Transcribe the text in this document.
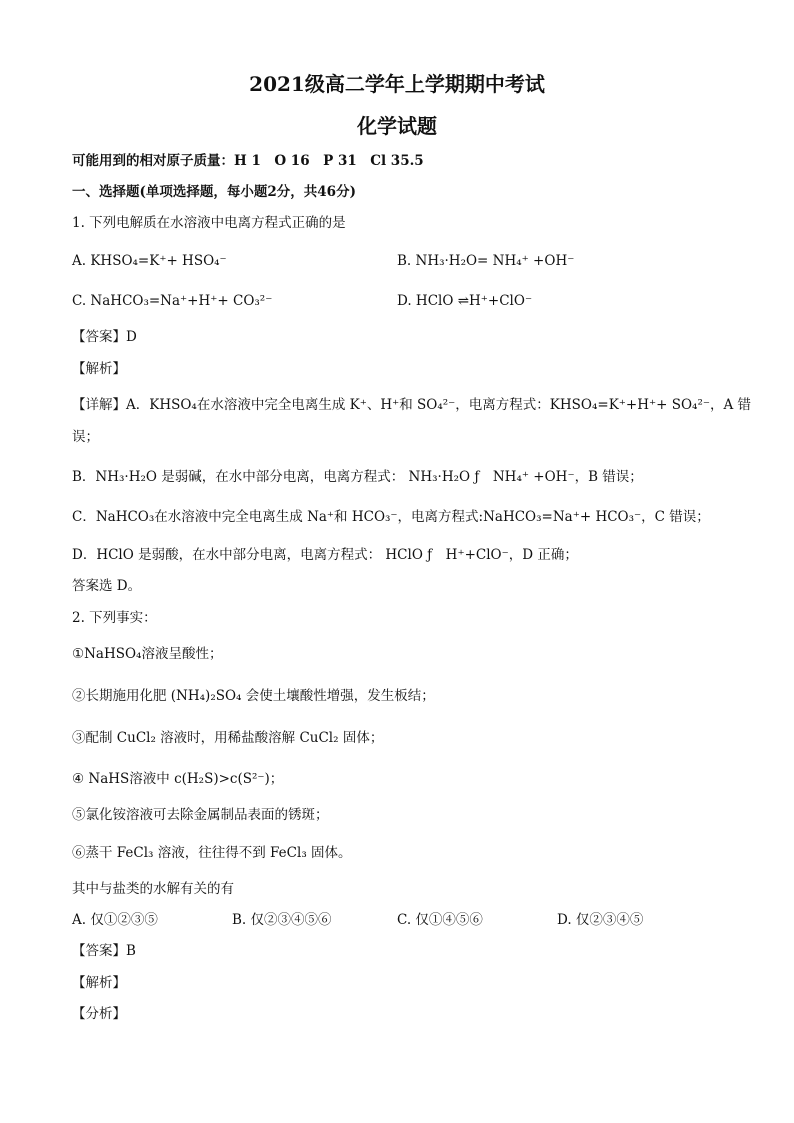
2021级高二学年上学期期中考试
化学试题
可能用到的相对原子质量：H 1　O 16　P 31　Cl 35.5
一、选择题(单项选择题，每小题2分，共46分)
1. 下列电解质在水溶液中电离方程式正确的是
A. KHSO₄=K⁺+ HSO₄⁻	B. NH₃·H₂O= NH₄⁺ +OH⁻
C. NaHCO₃=Na⁺+H⁺+ CO₃²⁻	D. HClO ⇌H⁺+ClO⁻
【答案】D
【解析】
【详解】A．KHSO₄在水溶液中完全电离生成 K⁺、H⁺和 SO₄²⁻，电离方程式：KHSO₄=K⁺+H⁺+ SO₄²⁻，A 错
误；
B．NH₃·H₂O 是弱碱，在水中部分电离，电离方程式： NH₃·H₂O ƒ　NH₄⁺ +OH⁻，B 错误；
C．NaHCO₃在水溶液中完全电离生成 Na⁺和 HCO₃⁻，电离方程式:NaHCO₃=Na⁺+ HCO₃⁻，C 错误；
D．HClO 是弱酸，在水中部分电离，电离方程式： HClO ƒ　H⁺+ClO⁻，D 正确；
答案选 D。
2. 下列事实：
①NaHSO₄溶液呈酸性；
②长期施用化肥 (NH₄)₂SO₄ 会使土壤酸性增强，发生板结；
③配制 CuCl₂ 溶液时，用稀盐酸溶解 CuCl₂ 固体；
④ NaHS溶液中 c(H₂S)>c(S²⁻)；
⑤氯化铵溶液可去除金属制品表面的锈斑；
⑥蒸干 FeCl₃ 溶液，往往得不到 FeCl₃ 固体。
其中与盐类的水解有关的有
A. 仅①②③⑤	B. 仅②③④⑤⑥	C. 仅①④⑤⑥	D. 仅②③④⑤
【答案】B
【解析】
【分析】
